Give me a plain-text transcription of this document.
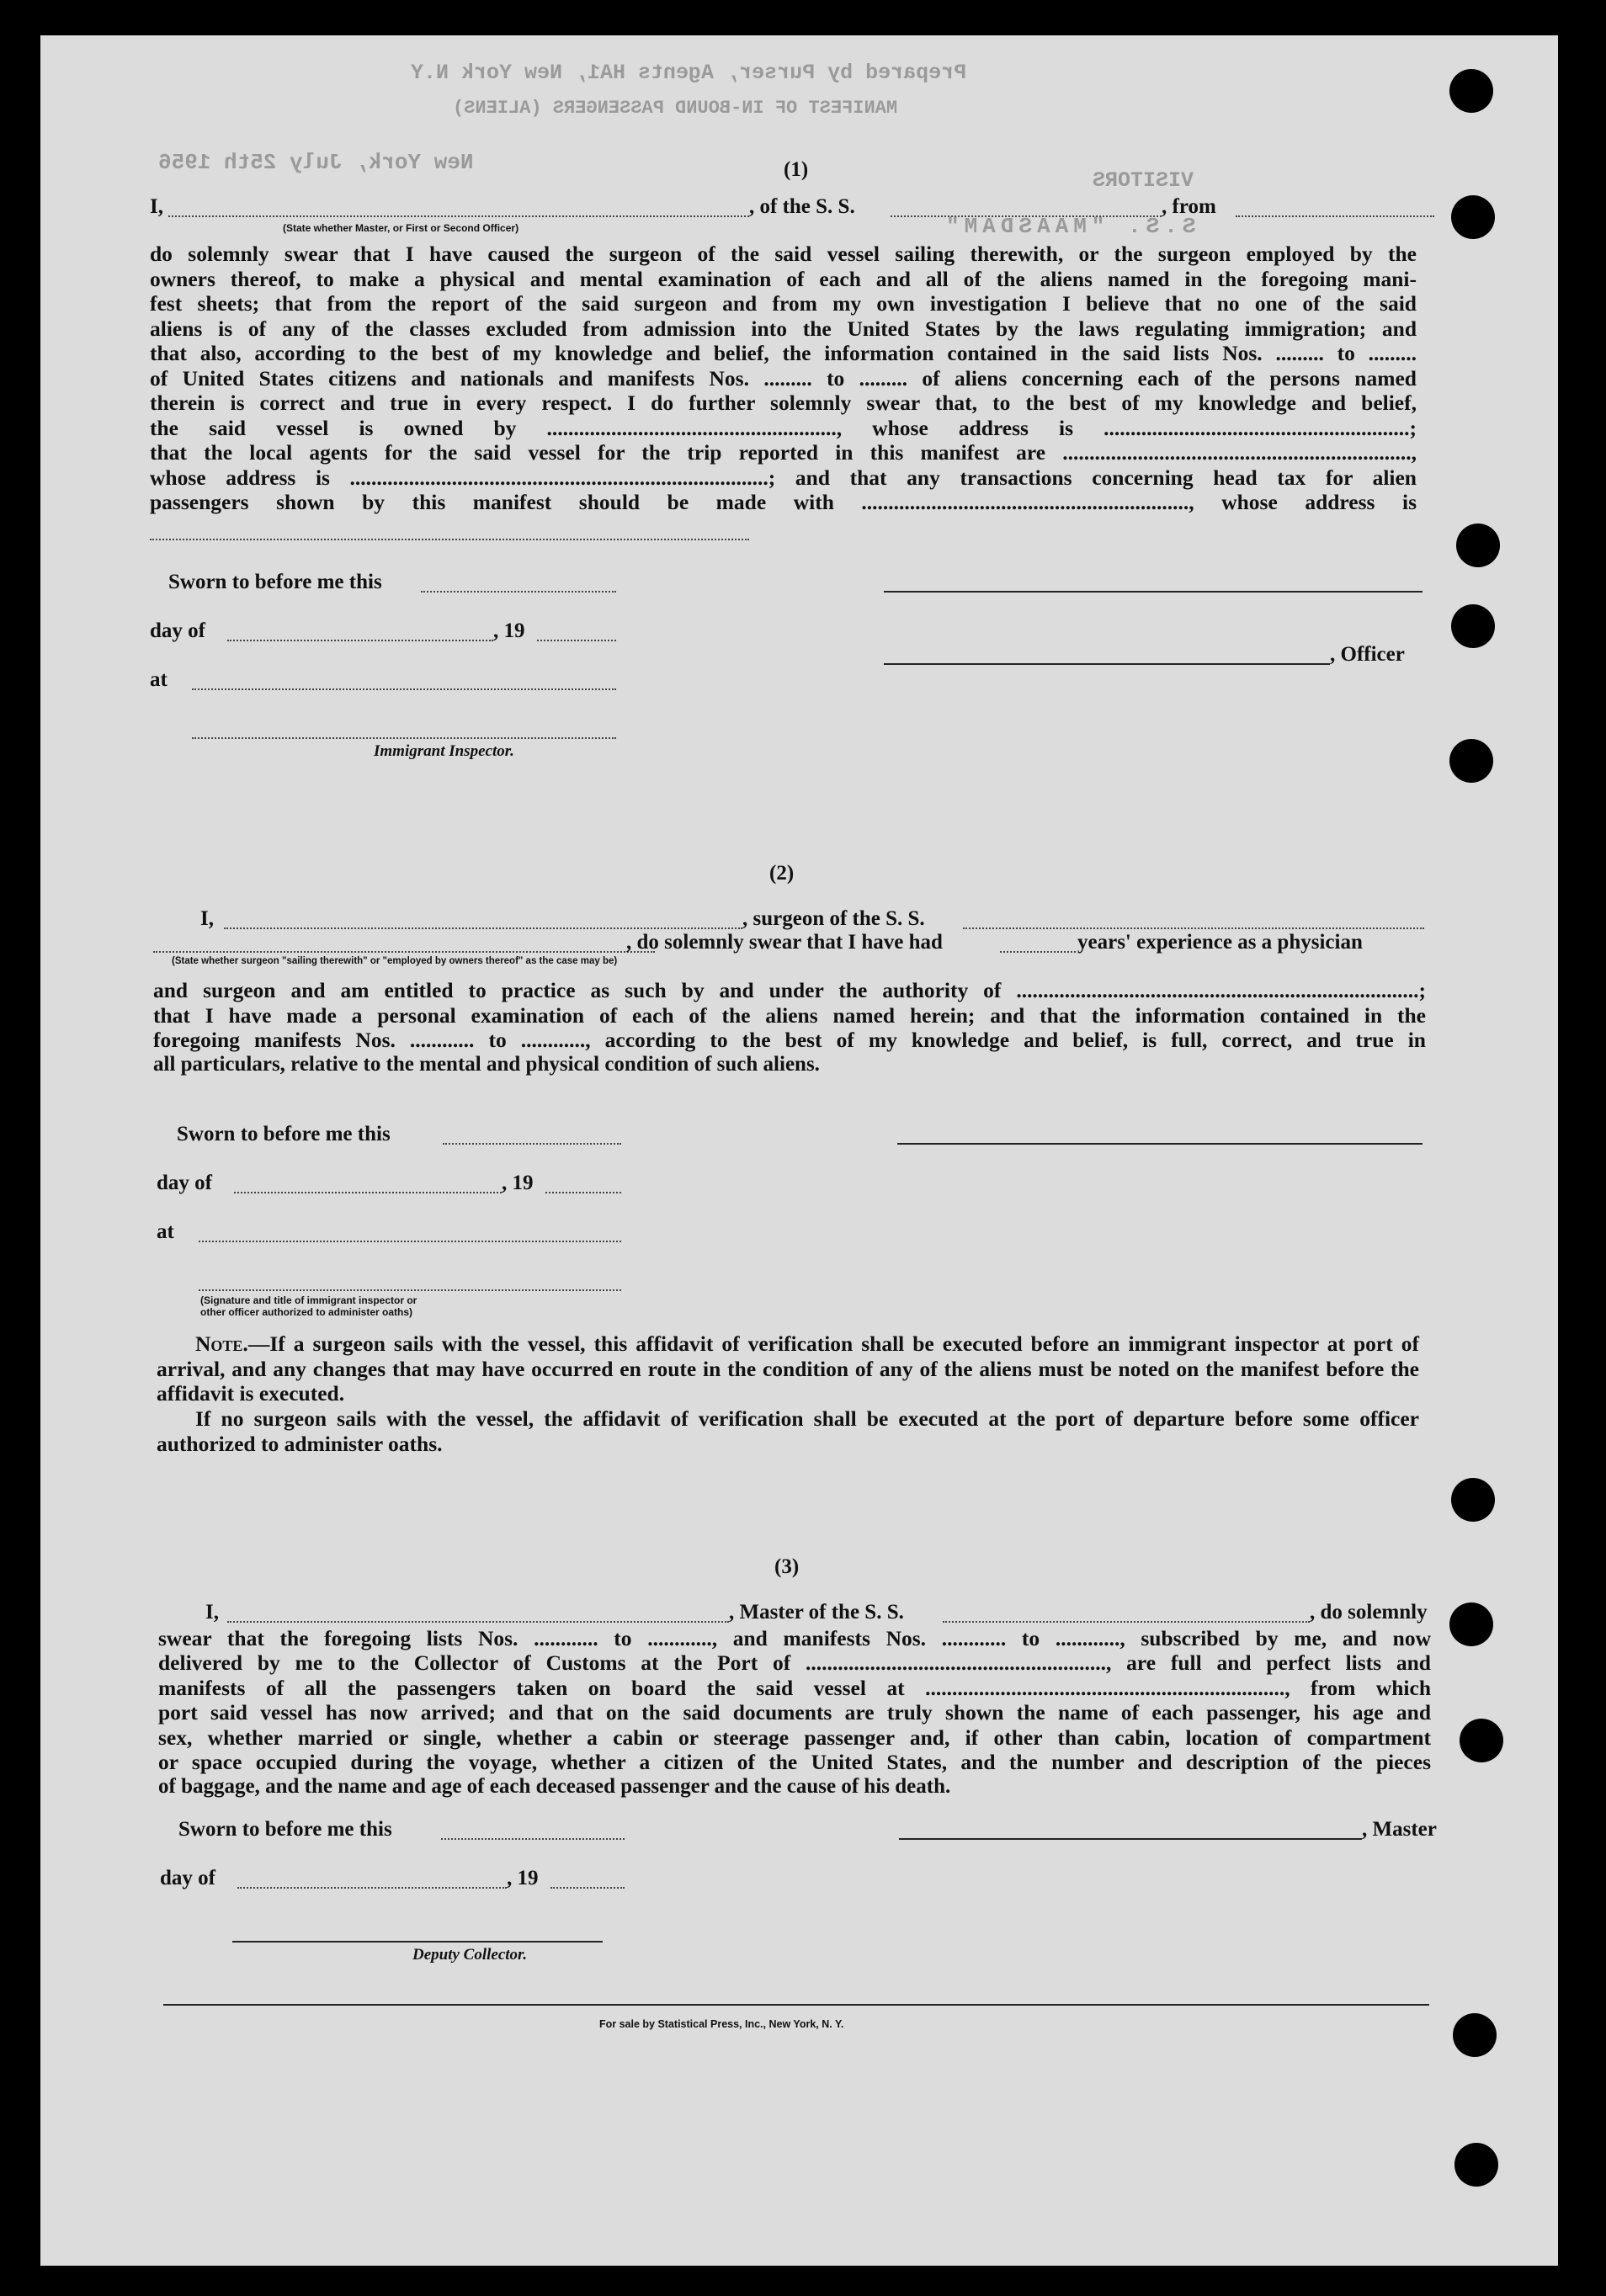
Prepared by Purser, Agents HA1, New York N.Y
MANIFEST OF IN-BOUND PASSENGERS (ALIENS)
New York, July 25th 1956
VISITORS
S.S. "MAASDAM"
(1)
I,	, of the S. S.	, from
(State whether Master, or First or Second Officer)
do solemnly swear that I have caused the surgeon of the said vessel sailing therewith, or the surgeon employed by the
owners thereof, to make a physical and mental examination of each and all of the aliens named in the foregoing mani-
fest sheets; that from the report of the said surgeon and from my own investigation I believe that no one of the said
aliens is of any of the classes excluded from admission into the United States by the laws regulating immigration; and
that also, according to the best of my knowledge and belief, the information contained in the said lists Nos. ......... to .........
of United States citizens and nationals and manifests Nos. ......... to ......... of aliens concerning each of the persons named
therein is correct and true in every respect. I do further solemnly swear that, to the best of my knowledge and belief,
the said vessel is owned by ......................................................, whose address is .........................................................;
that the local agents for the said vessel for the trip reported in this manifest are .................................................................,
whose address is ..............................................................................; and that any transactions concerning head tax for alien
passengers shown by this manifest should be made with ............................................................., whose address is
Sworn to before me this
day of	, 19
, Officer
at
Immigrant Inspector.
(2)
I,	, surgeon of the S. S.
, do solemnly swear that I have had	years' experience as a physician
(State whether surgeon "sailing therewith" or "employed by owners thereof" as the case may be)
and surgeon and am entitled to practice as such by and under the authority of ...........................................................................;
that I have made a personal examination of each of the aliens named herein; and that the information contained in the
foregoing manifests Nos. ............ to ............, according to the best of my knowledge and belief, is full, correct, and true in
all particulars, relative to the mental and physical condition of such aliens.
Sworn to before me this
day of	, 19
at
(Signature and title of immigrant inspector or
other officer authorized to administer oaths)
Note.—If a surgeon sails with the vessel, this affidavit of verification shall be executed before an immigrant inspector at port of arrival, and any changes that may have occurred en route in the condition of any of the aliens must be noted on the manifest before the affidavit is executed.
If no surgeon sails with the vessel, the affidavit of verification shall be executed at the port of departure before some officer authorized to administer oaths.
(3)
I,	, Master of the S. S.	, do solemnly
swear that the foregoing lists Nos. ............ to ............, and manifests Nos. ............ to ............, subscribed by me, and now
delivered by me to the Collector of Customs at the Port of ........................................................, are full and perfect lists and
manifests of all the passengers taken on board the said vessel at ..................................................................., from which
port said vessel has now arrived; and that on the said documents are truly shown the name of each passenger, his age and
sex, whether married or single, whether a cabin or steerage passenger and, if other than cabin, location of compartment
or space occupied during the voyage, whether a citizen of the United States, and the number and description of the pieces
of baggage, and the name and age of each deceased passenger and the cause of his death.
Sworn to before me this	, Master
day of	, 19
Deputy Collector.
For sale by Statistical Press, Inc., New York, N. Y.
